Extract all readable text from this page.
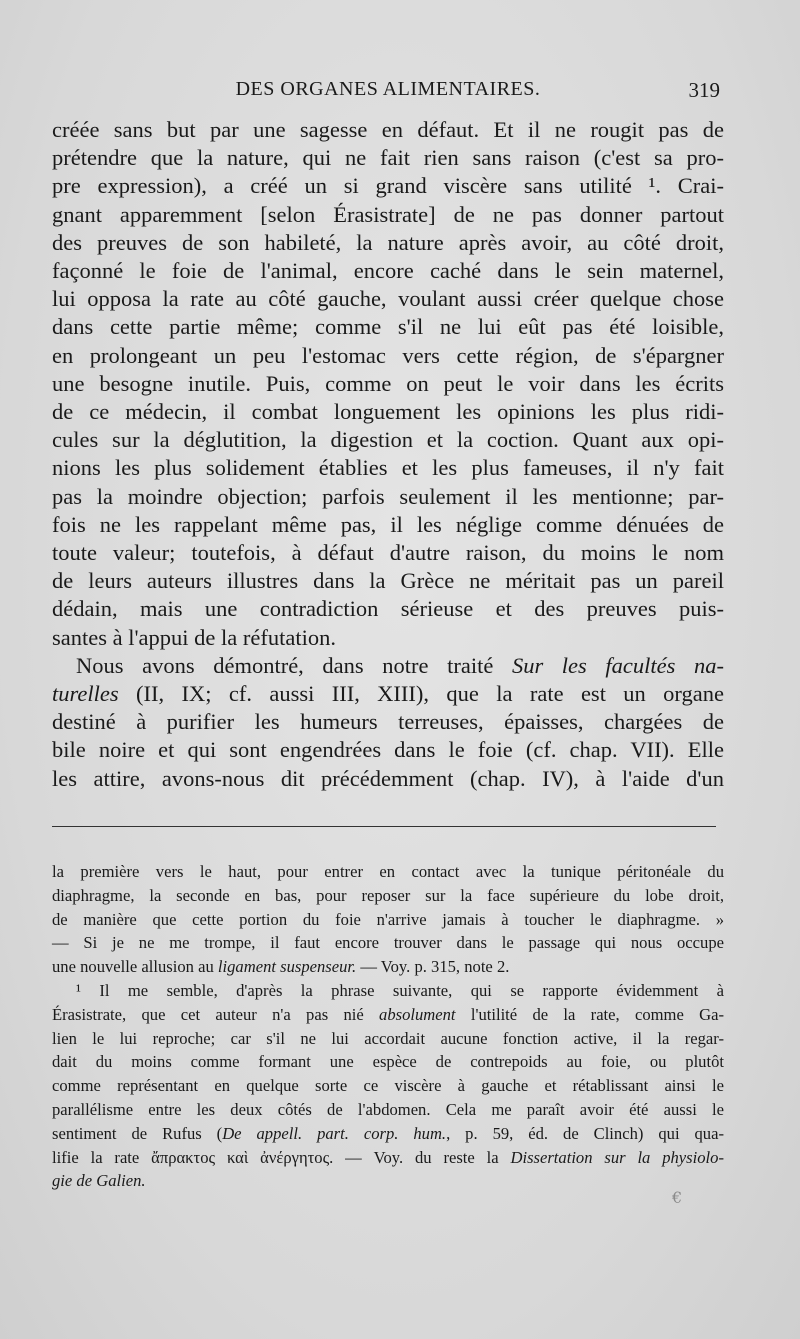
DES ORGANES ALIMENTAIRES.	319
créée sans but par une sagesse en défaut. Et il ne rougit pas de
prétendre que la nature, qui ne fait rien sans raison (c'est sa pro-
pre expression), a créé un si grand viscère sans utilité ¹. Crai-
gnant apparemment [selon Érasistrate] de ne pas donner partout
des preuves de son habileté, la nature après avoir, au côté droit,
façonné le foie de l'animal, encore caché dans le sein maternel,
lui opposa la rate au côté gauche, voulant aussi créer quelque chose
dans cette partie même; comme s'il ne lui eût pas été loisible,
en prolongeant un peu l'estomac vers cette région, de s'épargner
une besogne inutile. Puis, comme on peut le voir dans les écrits
de ce médecin, il combat longuement les opinions les plus ridi-
cules sur la déglutition, la digestion et la coction. Quant aux opi-
nions les plus solidement établies et les plus fameuses, il n'y fait
pas la moindre objection; parfois seulement il les mentionne; par-
fois ne les rappelant même pas, il les néglige comme dénuées de
toute valeur; toutefois, à défaut d'autre raison, du moins le nom
de leurs auteurs illustres dans la Grèce ne méritait pas un pareil
dédain, mais une contradiction sérieuse et des preuves puis-
santes à l'appui de la réfutation.
Nous avons démontré, dans notre traité Sur les facultés na-
turelles (II, IX; cf. aussi III, XIII), que la rate est un organe
destiné à purifier les humeurs terreuses, épaisses, chargées de
bile noire et qui sont engendrées dans le foie (cf. chap. VII). Elle
les attire, avons-nous dit précédemment (chap. IV), à l'aide d'un
la première vers le haut, pour entrer en contact avec la tunique péritonéale du
diaphragme, la seconde en bas, pour reposer sur la face supérieure du lobe droit,
de manière que cette portion du foie n'arrive jamais à toucher le diaphragme. »
— Si je ne me trompe, il faut encore trouver dans le passage qui nous occupe
une nouvelle allusion au ligament suspenseur. — Voy. p. 315, note 2.
¹ Il me semble, d'après la phrase suivante, qui se rapporte évidemment à
Érasistrate, que cet auteur n'a pas nié absolument l'utilité de la rate, comme Ga-
lien le lui reproche; car s'il ne lui accordait aucune fonction active, il la regar-
dait du moins comme formant une espèce de contrepoids au foie, ou plutôt
comme représentant en quelque sorte ce viscère à gauche et rétablissant ainsi le
parallélisme entre les deux côtés de l'abdomen. Cela me paraît avoir été aussi le
sentiment de Rufus (De appell. part. corp. hum., p. 59, éd. de Clinch) qui qua-
lifie la rate ἄπρακτος καὶ ἀνέργητος. — Voy. du reste la Dissertation sur la physiolo-
gie de Galien.
€
